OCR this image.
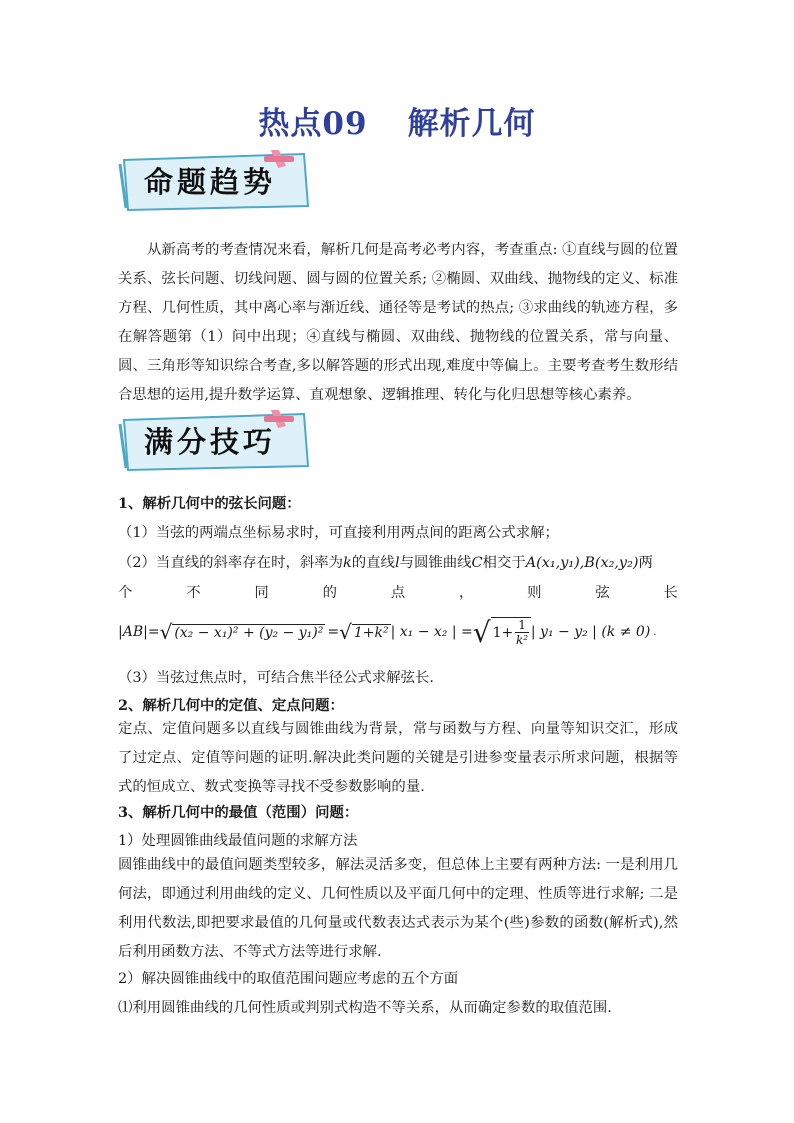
热点09 解析几何
命题趋势

从新高考的考查情况来看，解析几何是高考必考内容，考查重点: ①直线与圆的位置关系、弦长问题、切线问题、圆与圆的位置关系; ②椭圆、双曲线、抛物线的定义、标准方程、几何性质，其中离心率与渐近线、通径等是考试的热点; ③求曲线的轨迹方程，多在解答题第（1）问中出现；④直线与椭圆、双曲线、抛物线的位置关系，常与向量、圆、三角形等知识综合考查,多以解答题的形式出现,难度中等偏上。主要考查考生数形结合思想的运用,提升数学运算、直观想象、逻辑推理、转化与化归思想等核心素养。

满分技巧
1、解析几何中的弦长问题：
（1）当弦的两端点坐标易求时，可直接利用两点间的距离公式求解；
（2）当直线的斜率存在时，斜率为k的直线l与圆锥曲线C相交于A(x₁,y₁),B(x₂,y₂)两
个	不	同	的	点	，	则	弦	长
|AB| = √ (x₂ − x₁)² + (y₂ − y₁)² = √ 1+k² | x₁ − x₂ | = √ $1+ \frac{1}{\text{k²}}$ | y₁ − y₂ | (k ≠ 0) .
（3）当弦过焦点时，可结合焦半径公式求解弦长.
2、解析几何中的定值、定点问题：

定点、定值问题多以直线与圆锥曲线为背景，常与函数与方程、向量等知识交汇，形成了过定点、定值等问题的证明.解决此类问题的关键是引进参变量表示所求问题，根据等式的恒成立、数式变换等寻找不受参数影响的量.

3、解析几何中的最值（范围）问题：
1）处理圆锥曲线最值问题的求解方法

圆锥曲线中的最值问题类型较多，解法灵活多变，但总体上主要有两种方法: 一是利用几何法，即通过利用曲线的定义、几何性质以及平面几何中的定理、性质等进行求解; 二是利用代数法,即把要求最值的几何量或代数表达式表示为某个(些)参数的函数(解析式),然后利用函数方法、不等式方法等进行求解.

2）解决圆锥曲线中的取值范围问题应考虑的五个方面
⑴利用圆锥曲线的几何性质或判别式构造不等关系，从而确定参数的取值范围.
